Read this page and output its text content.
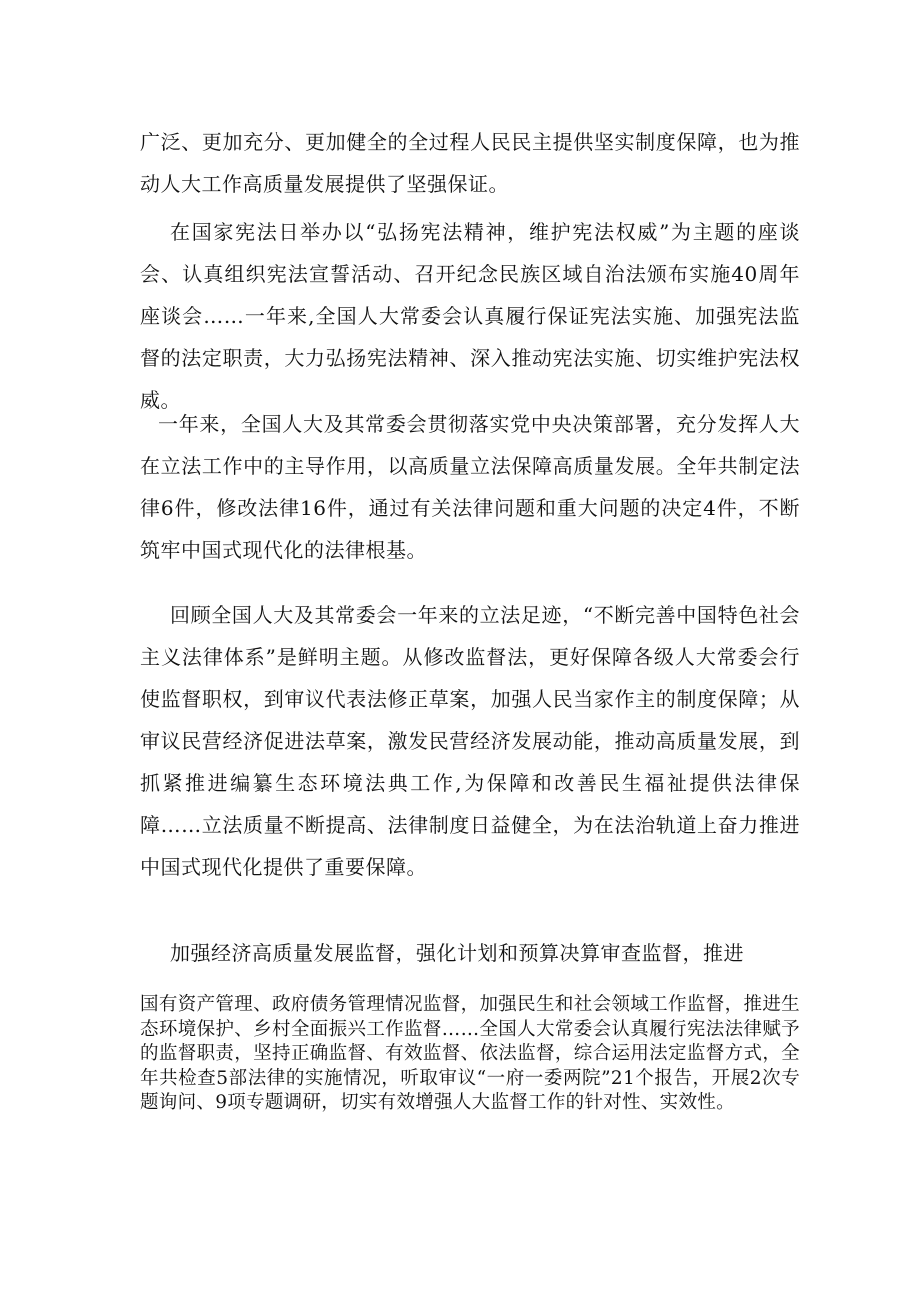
广泛、更加充分、更加健全的全过程人民民主提供坚实制度保障，也为推动人大工作高质量发展提供了坚强保证。

在国家宪法日举办以“弘扬宪法精神，维护宪法权威”为主题的座谈会、认真组织宪法宣誓活动、召开纪念民族区域自治法颁布实施40周年座谈会……一年来,全国人大常委会认真履行保证宪法实施、加强宪法监督的法定职责，大力弘扬宪法精神、深入推动宪法实施、切实维护宪法权威。

一年来，全国人大及其常委会贯彻落实党中央决策部署，充分发挥人大在立法工作中的主导作用，以高质量立法保障高质量发展。全年共制定法律6件，修改法律16件，通过有关法律问题和重大问题的决定4件，不断筑牢中国式现代化的法律根基。

回顾全国人大及其常委会一年来的立法足迹，“不断完善中国特色社会主义法律体系”是鲜明主题。从修改监督法，更好保障各级人大常委会行使监督职权，到审议代表法修正草案，加强人民当家作主的制度保障；从审议民营经济促进法草案，激发民营经济发展动能，推动高质量发展，到抓紧推进编纂生态环境法典工作,为保障和改善民生福祉提供法律保障……立法质量不断提高、法律制度日益健全，为在法治轨道上奋力推进中国式现代化提供了重要保障。

加强经济高质量发展监督，强化计划和预算决算审查监督，推进

国有资产管理、政府债务管理情况监督，加强民生和社会领域工作监督，推进生态环境保护、乡村全面振兴工作监督……全国人大常委会认真履行宪法法律赋予的监督职责，坚持正确监督、有效监督、依法监督，综合运用法定监督方式，全年共检查5部法律的实施情况，听取审议“一府一委两院”21个报告，开展2次专题询问、9项专题调研，切实有效增强人大监督工作的针对性、实效性。
